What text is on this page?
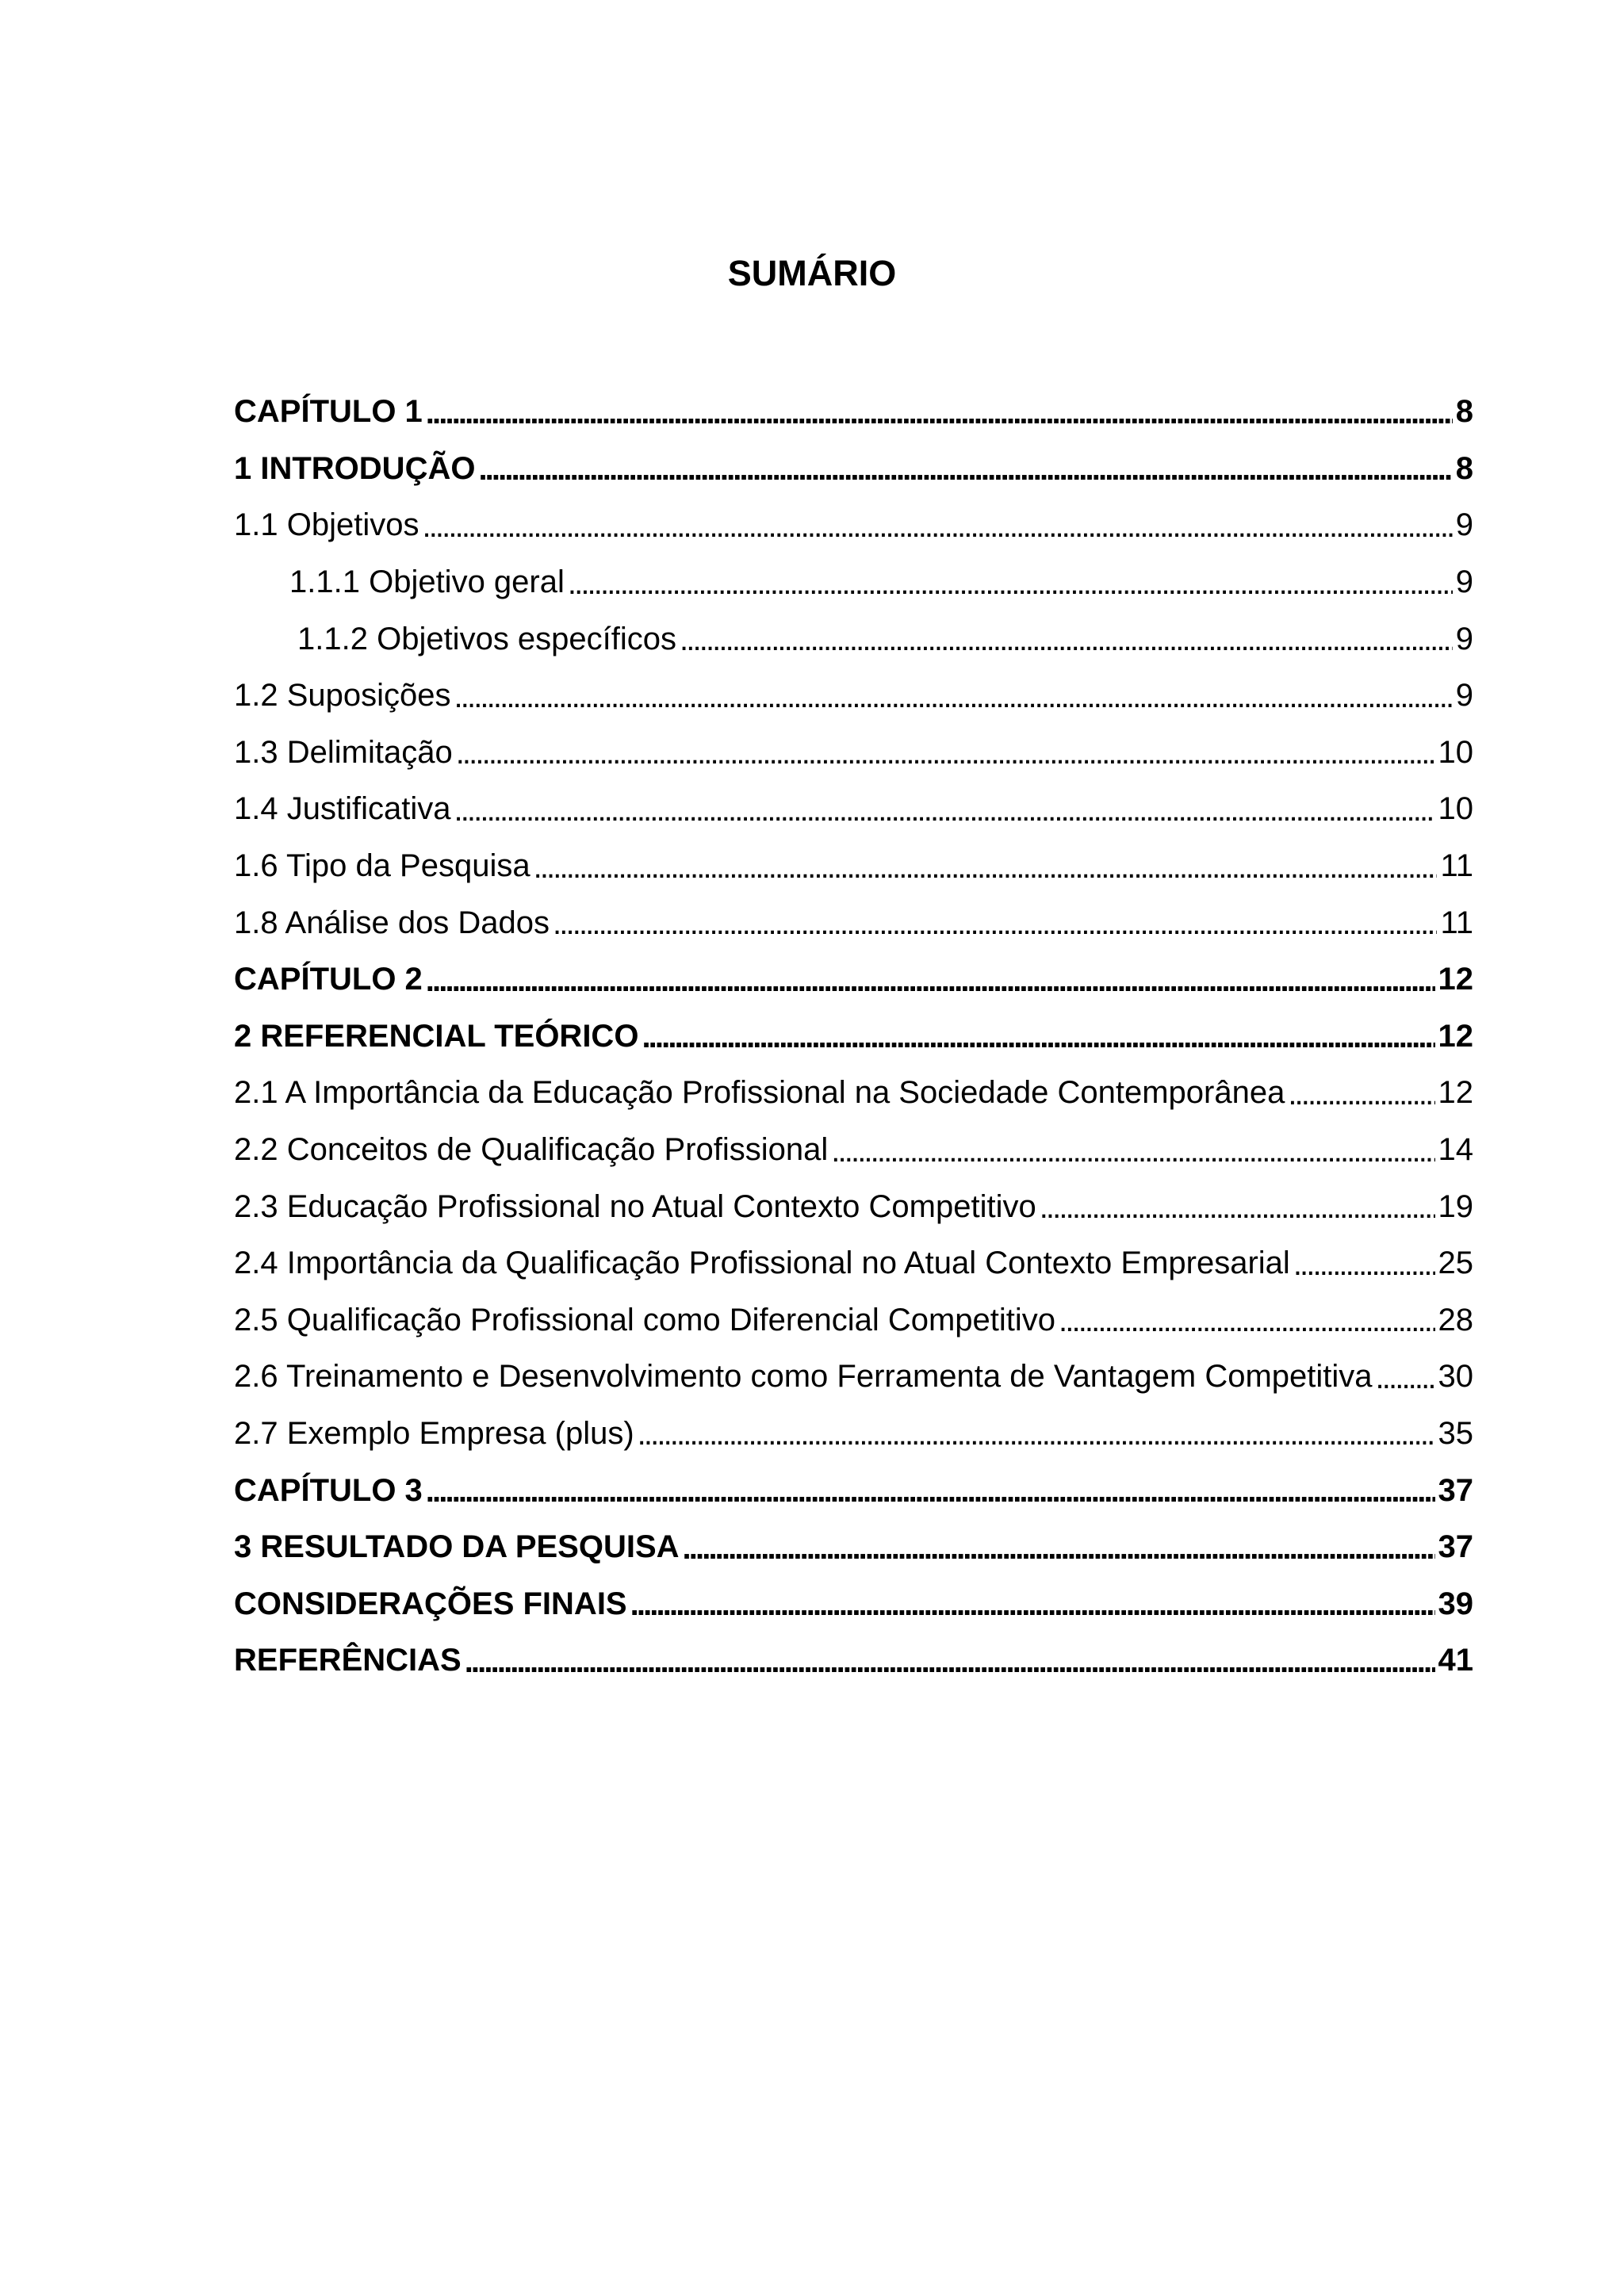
SUMÁRIO
CAPÍTULO 1 . . .	8
1 INTRODUÇÃO . . .	8
1.1 Objetivos . . .	9
1.1.1 Objetivo geral . . .	9
1.1.2 Objetivos específicos . . .	9
1.2 Suposições . . .	9
1.3 Delimitação . . .	10
1.4 Justificativa . . .	10
1.6 Tipo da Pesquisa . . .	11
1.8 Análise dos Dados . . .	11
CAPÍTULO 2 . . .	12
2 REFERENCIAL TEÓRICO . . .	12
2.1 A Importância da Educação Profissional na Sociedade Contemporânea . . .	12
2.2 Conceitos de Qualificação Profissional . . .	14
2.3 Educação Profissional no Atual Contexto Competitivo . . .	19
2.4 Importância da Qualificação Profissional no Atual Contexto Empresarial . . .	25
2.5 Qualificação Profissional como Diferencial Competitivo . . .	28
2.6 Treinamento e Desenvolvimento como Ferramenta de Vantagem Competitiva . . . 30
2.7 Exemplo Empresa (plus) . . .	35
CAPÍTULO 3 . . .	37
3 RESULTADO DA PESQUISA . . .	37
CONSIDERAÇÕES FINAIS . . .	39
REFERÊNCIAS . . .	41
